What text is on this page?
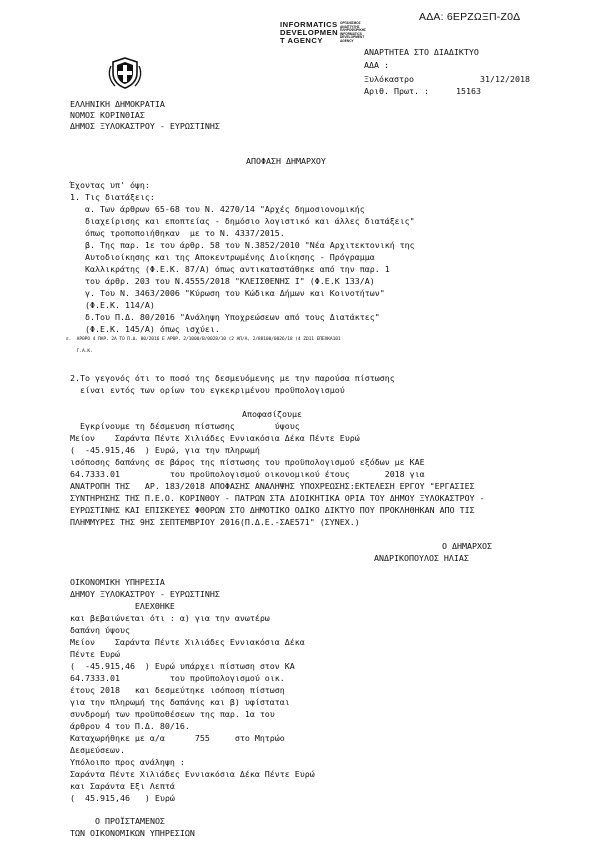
ΑΔΑ: 6ΕΡΖΩΞΠ-Ζ0Δ
INFORMATICS
DEVELOPMEN
T AGENCY
ΟΡΓΑΝΙΣΜΟΣ ΑΝΑΠΤΥΞΗΣ ΠΛΗΡΟΦΟΡΙΚΗΣ INFORMATICS DEVELOPMENT AGENCY
ΑΝΑΡΤΗΤΕΑ ΣΤΟ ΔΙΑΔΙΚΤΥΟ
ΑΔΑ :
Ξυλόκαστρο	31/12/2018
Αριθ. Πρωτ. :	15163
ΕΛΛΗΝΙΚΗ ΔΗΜΟΚΡΑΤΙΑ
ΝΟΜΟΣ ΚΟΡΙΝΘΙΑΣ
ΔΗΜΟΣ ΞΥΛΟΚΑΣΤΡΟΥ - ΕΥΡΩΣΤΙΝΗΣ
ΑΠΟΦΑΣΗ ΔΗΜΑΡΧΟΥ
Έχοντας υπ' όψη:
1. Τις διατάξεις:
α. Των άρθρων 65-68 του Ν. 4270/14 "Αρχές δημοσιονομικής
διαχείρισης και εποπτείας - δημόσιο λογιστικό και άλλες διατάξεις"
όπως τροποποιήθηκαν  με το Ν. 4337/2015.
β. Της παρ. 1ε του άρθρ. 58 του Ν.3852/2010 "Νέα Αρχιτεκτονική της
Αυτοδιοίκησης και της Αποκεντρωμένης Διοίκησης - Πρόγραμμα
Καλλικράτης (Φ.Ε.Κ. 87/Α) όπως αντικαταστάθηκε από την παρ. 1
του άρθρ. 203 του Ν.4555/2018 "ΚΛΕΙΣΘΕΝΗΣ Ι" (Φ.Ε.Κ 133/Α)
γ. Του Ν. 3463/2006 "Κύρωση του Κώδικα Δήμων και Κοινοτήτων"
(Φ.Ε.Κ. 114/Α)
δ.Του Π.Δ. 80/2016 "Ανάληψη Υποχρεώσεων από τους Διατάκτες"
(Φ.Ε.Κ. 145/Α) όπως ισχύει.
ε.  ΑΡΘΡΟ 4 ΠΑΡ. 2Α ΤΟ Π.Δ. 80/2016 Ε ΑΡΘΡ. 2/1000/Β/0028/10 (2 ΑΠ/Α, 2/88100/0026/18 (4 ΖΩ11 ΕΠΕΧΚΑ101
Γ.Α.Κ.
2.Το γεγονός ότι το ποσό της δεσμευόμενης με την παρούσα πίστωσης
είναι εντός των ορίων του εγκεκριμένου προϋπολογισμού
Αποφασίζουμε
Εγκρίνουμε τη δέσμευση πίστωσης        ύψους
Μείον    Σαράντα Πέντε Χιλιάδες Εννιακόσια Δέκα Πέντε Ευρώ
(  -45.915,46  ) Ευρώ, για την πληρωμή
ισόποσης δαπάνης σε βάρος της πίστωσης του προϋπολογισμού εξόδων με ΚΑΕ
64.7333.01          του προϋπολογισμού οικονομικού έτους       2018 για
ΑΝΑΤΡΟΠΗ ΤΗΣ   ΑΡ. 183/2018 ΑΠΟΦΑΣΗΣ ΑΝΑΛΗΨΗΣ ΥΠΟΧΡΕΩΣΗΣ:ΕΚΤΕΛΕΣΗ ΕΡΓΟΥ "ΕΡΓΑΣΙΕΣ
ΣΥΝΤΗΡΗΣΗΣ ΤΗΣ Π.Ε.Ο. ΚΟΡΙΝΘΟΥ - ΠΑΤΡΩΝ ΣΤΑ ΔΙΟΙΚΗΤΙΚΑ ΟΡΙΑ ΤΟΥ ΔΗΜΟΥ ΞΥΛΟΚΑΣΤΡΟΥ -
ΕΥΡΩΣΤΙΝΗΣ ΚΑΙ ΕΠΙΣΚΕΥΕΣ ΦΘΟΡΩΝ ΣΤΟ ΔΗΜΟΤΙΚΟ ΟΔΙΚΟ ΔΙΚΤΥΟ ΠΟΥ ΠΡΟΚΛΗΘΗΚΑΝ ΑΠΟ ΤΙΣ
ΠΛΗΜΜΥΡΕΣ ΤΗΣ 9ΗΣ ΣΕΠΤΕΜΒΡΙΟΥ 2016(Π.Δ.Ε.-ΣΑΕ571" (ΣΥΝΕΧ.)
Ο ΔΗΜΑΡΧΟΣ
ΑΝΔΡΙΚΟΠΟΥΛΟΣ ΗΛΙΑΣ
ΟΙΚΟΝΟΜΙΚΗ ΥΠΗΡΕΣΙΑ
ΔΗΜΟΥ ΞΥΛΟΚΑΣΤΡΟΥ - ΕΥΡΩΣΤΙΝΗΣ
ΕΛΕΧΘΗΚΕ
και βεβαιώνεται ότι : α) για την ανωτέρω
δαπάνη ύψους
Μείον    Σαράντα Πέντε Χιλιάδες Εννιακόσια Δέκα
Πέντε Ευρώ
(  -45.915,46  ) Ευρώ υπάρχει πίστωση στον ΚΑ
64.7333.01          του προϋπολογισμού οικ.
έτους 2018   και δεσμεύτηκε ισόποση πίστωση
για την πληρωμή της δαπάνης και β) υφίσταται
συνδρομή των προϋποθέσεων της παρ. 1α του
άρθρου 4 του Π.Δ. 80/16.
Καταχωρήθηκε με α/α      755     στο Μητρώο
Δεσμεύσεων.
Υπόλοιπο προς ανάληψη :
Σαράντα Πέντε Χιλιάδες Εννιακόσια Δέκα Πέντε Ευρώ
και Σαράντα Εξι Λεπτά
(  45.915,46   ) Ευρώ
Ο ΠΡΟΪΣΤΑΜΕΝΟΣ
ΤΩΝ ΟΙΚΟΝΟΜΙΚΩΝ ΥΠΗΡΕΣΙΩΝ
